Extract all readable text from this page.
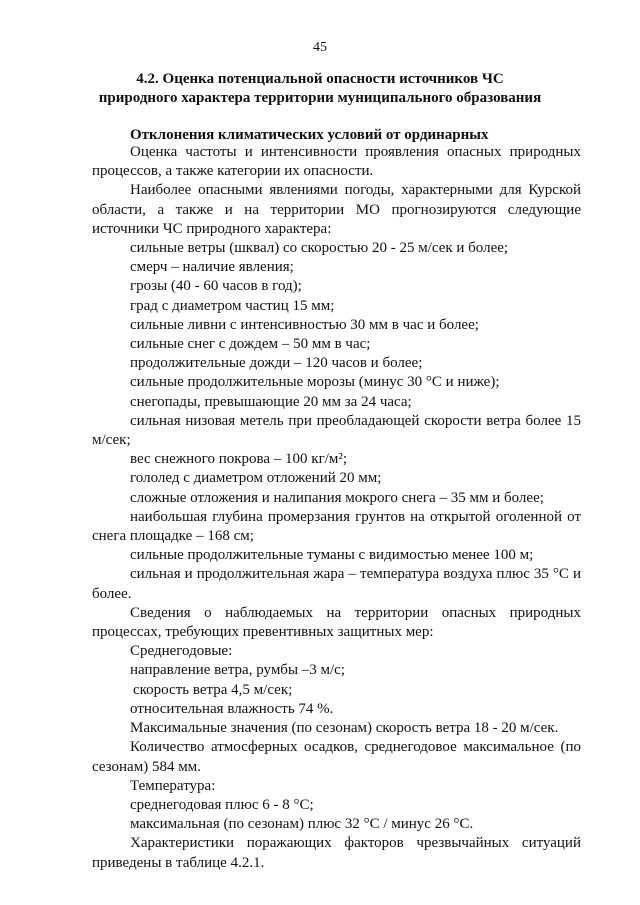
45
4.2. Оценка потенциальной опасности источников ЧС
природного характера территории муниципального образования
Отклонения климатических условий от ординарных

Оценка частоты и интенсивности проявления опасных природных процессов, а также категории их опасности.

Наиболее опасными явлениями погоды, характерными для Курской области, а также и на территории МО прогнозируются следующие источники ЧС природного характера:

сильные ветры (шквал) со скоростью 20 - 25 м/сек и более;

смерч – наличие явления;

грозы (40 - 60 часов в год);

град с диаметром частиц 15 мм;

сильные ливни с интенсивностью 30 мм в час и более;

сильные снег с дождем – 50 мм в час;

продолжительные дожди – 120 часов и более;

сильные продолжительные морозы (минус 30 °С и ниже);

снегопады, превышающие 20 мм за 24 часа;

сильная низовая метель при преобладающей скорости ветра более 15 м/сек;

вес снежного покрова – 100 кг/м²;

гололед с диаметром отложений 20 мм;

сложные отложения и налипания мокрого снега – 35 мм и более;

наибольшая глубина промерзания грунтов на открытой оголенной от снега площадке – 168 см;

сильные продолжительные туманы с видимостью менее 100 м;

сильная и продолжительная жара – температура воздуха плюс 35 °С и более.

Сведения о наблюдаемых на территории опасных природных процессах, требующих превентивных защитных мер:

Среднегодовые:

направление ветра, румбы –3 м/с;

скорость ветра 4,5 м/сек;

относительная влажность 74 %.

Максимальные значения (по сезонам) скорость ветра 18 - 20 м/сек.

Количество атмосферных осадков, среднегодовое максимальное (по сезонам) 584 мм.

Температура:

среднегодовая плюс 6 - 8 °С;

максимальная (по сезонам) плюс 32 °С / минус 26 °С.

Характеристики поражающих факторов чрезвычайных ситуаций приведены в таблице 4.2.1.
